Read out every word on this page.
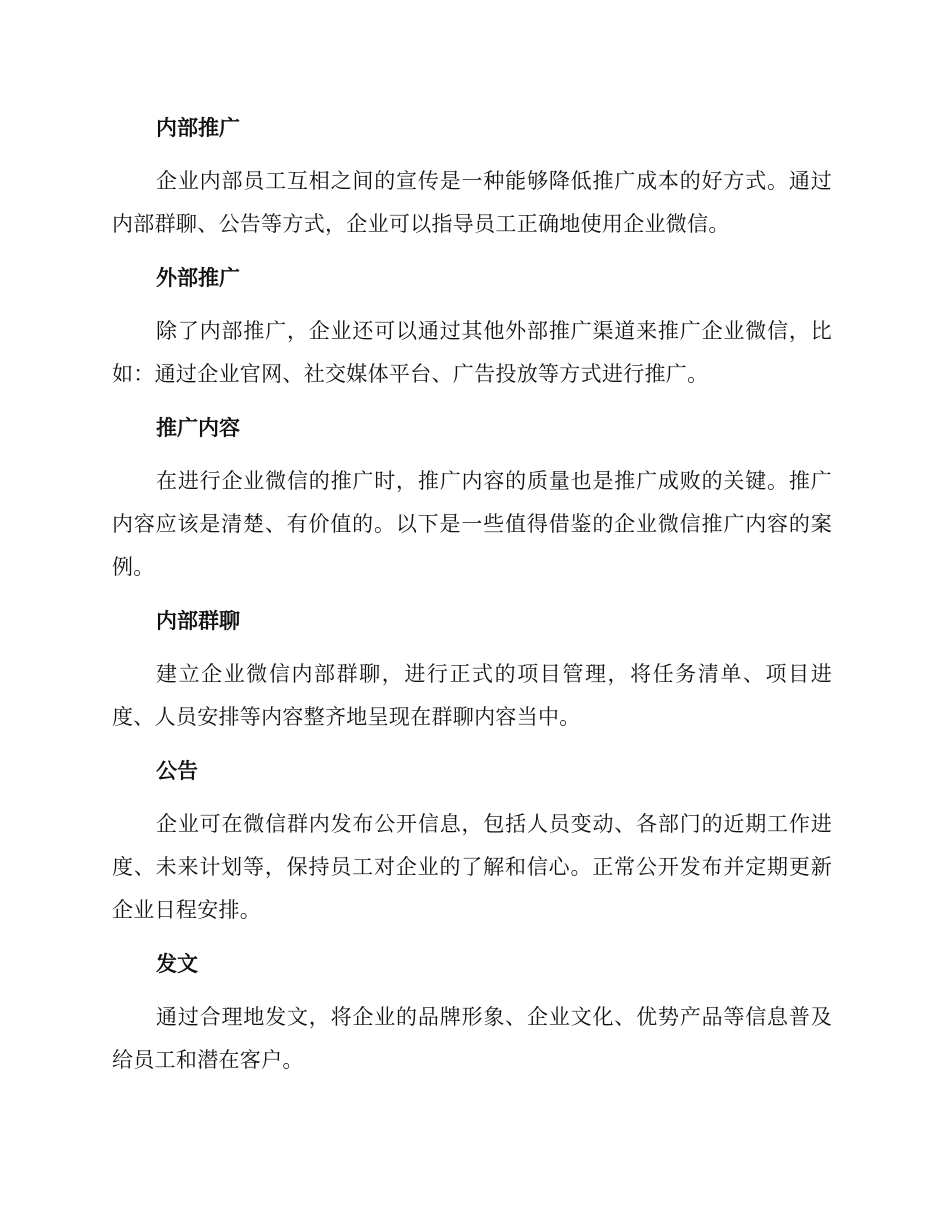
内部推广

企业内部员工互相之间的宣传是一种能够降低推广成本的好方式。通过内部群聊、公告等方式，企业可以指导员工正确地使用企业微信。

外部推广

除了内部推广，企业还可以通过其他外部推广渠道来推广企业微信，比如：通过企业官网、社交媒体平台、广告投放等方式进行推广。

推广内容

在进行企业微信的推广时，推广内容的质量也是推广成败的关键。推广内容应该是清楚、有价值的。以下是一些值得借鉴的企业微信推广内容的案例。

内部群聊

建立企业微信内部群聊，进行正式的项目管理，将任务清单、项目进度、人员安排等内容整齐地呈现在群聊内容当中。

公告

企业可在微信群内发布公开信息，包括人员变动、各部门的近期工作进度、未来计划等，保持员工对企业的了解和信心。正常公开发布并定期更新企业日程安排。

发文

通过合理地发文，将企业的品牌形象、企业文化、优势产品等信息普及给员工和潜在客户。
